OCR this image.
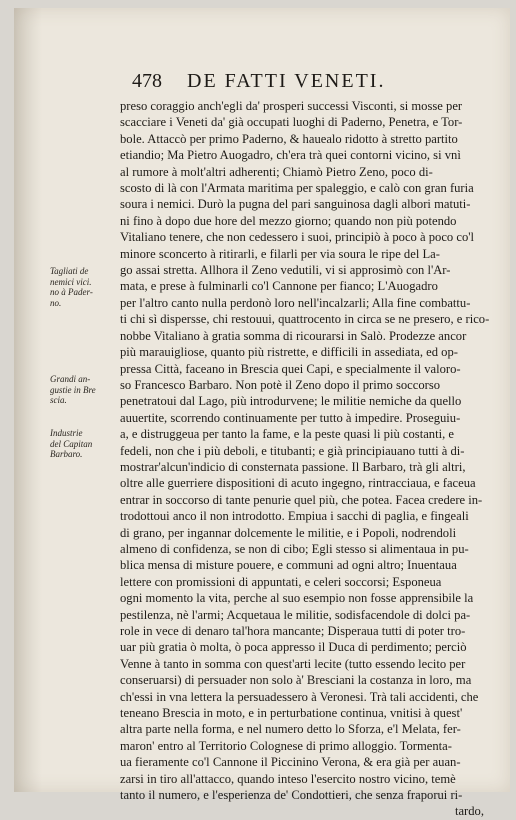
478 DE FATTI VENETI.
Tagliati de
nemici vici.
no à Pader-
no.
Grandi an-
gustie in Bre
scia.
Industrie
del Capitan
Barbaro.
preso coraggio anch'egli da' prosperi successi Visconti, si mosse per
scacciare i Veneti da' già occupati luoghi di Paderno, Penetra, e Tor-
bole. Attaccò per primo Paderno, & hauealo ridotto à stretto partito
etiandio; Ma Pietro Auogadro, ch'era trà quei contorni vicino, si vnì
al rumore à molt'altri adherenti; Chiamò Pietro Zeno, poco di-
scosto di là con l'Armata maritima per spaleggio, e calò con gran furia
soura i nemici. Durò la pugna del pari sanguinosa dagli albori matuti-
ni fino à dopo due hore del mezzo giorno; quando non più potendo
Vitaliano tenere, che non cedessero i suoi, principiò à poco à poco co'l
minore sconcerto à ritirarli, e filarli per via soura le ripe del La-
go assai stretta. Allhora il Zeno vedutili, vi si approsimò con l'Ar-
mata, e prese à fulminarli co'l Cannone per fianco; L'Auogadro
per l'altro canto nulla perdonò loro nell'incalzarli; Alla fine combattu-
ti chi sì dispersse, chi restouui, quattrocento in circa se ne presero, e rico-
nobbe Vitaliano à gratia somma di ricourarsi in Salò. Prodezze ancor
più marauigliose, quanto più ristrette, e difficili in assediata, ed op-
pressa Città, faceano in Brescia quei Capi, e specialmente il valoro-
so Francesco Barbaro. Non potè il Zeno dopo il primo soccorso
penetratoui dal Lago, più introdurvene; le militie nemiche da quello
auuertite, scorrendo continuamente per tutto à impedire. Proseguiu-
a, e distruggeua per tanto la fame, e la peste quasi li più costanti, e
fedeli, non che i più deboli, e titubanti; e già principiauano tutti à di-
mostrar'alcun'indicio di consternata passione. Il Barbaro, trà gli altri,
oltre alle guerriere dispositioni di acuto ingegno, rintracciaua, e faceua
entrar in soccorso di tante penurie quel più, che potea. Facea credere in-
trodottoui anco il non introdotto. Empiua i sacchi di paglia, e fingeali
di grano, per ingannar dolcemente le militie, e i Popoli, nodrendoli
almeno di confidenza, se non di cibo; Egli stesso si alimentaua in pu-
blica mensa di misture pouere, e communi ad ogni altro; Inuentaua
lettere con promissioni di appuntati, e celeri soccorsi; Esponeua
ogni momento la vita, perche al suo esempio non fosse apprensibile la
pestilenza, nè l'armi; Acquetaua le militie, sodisfacendole di dolci pa-
role in vece di denaro tal'hora mancante; Disperaua tutti di poter tro-
uar più gratia ò molta, ò poca appresso il Duca di perdimento; perciò
Venne à tanto in somma con quest'arti lecite (tutto essendo lecito per
conseruarsi) di persuader non solo à' Bresciani la costanza in loro, ma
ch'essi in vna lettera la persuadessero à Veronesi. Trà tali accidenti, che
teneano Brescia in moto, e in perturbatione continua, vnitisi à quest'
altra parte nella forma, e nel numero detto lo Sforza, e'l Melata, fer-
maron' entro al Territorio Colognese di primo alloggio. Tormenta-
ua fieramente co'l Cannone il Piccinino Verona, & era già per auan-
zarsi in tiro all'attacco, quando inteso l'esercito nostro vicino, temè
tanto il numero, e l'esperienza de' Condottieri, che senza fraporui ri-
tardo,
